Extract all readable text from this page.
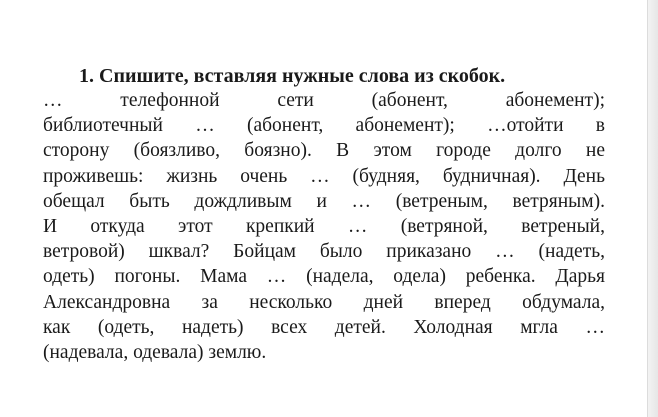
1. Спишите, вставляя нужные слова из скобок.
… телефонной сети (абонент, абонемент);
библиотечный … (абонент, абонемент); …отойти в
сторону (боязливо, боязно). В этом городе долго не
проживешь: жизнь очень … (будняя, будничная). День
обещал быть дождливым и … (ветреным, ветряным).
И откуда этот крепкий … (ветряной, ветреный,
ветровой) шквал? Бойцам было приказано … (надеть,
одеть) погоны. Мама … (надела, одела) ребенка. Дарья
Александровна за несколько дней вперед обдумала,
как (одеть, надеть) всех детей. Холодная мгла …
(надевала, одевала) землю.
